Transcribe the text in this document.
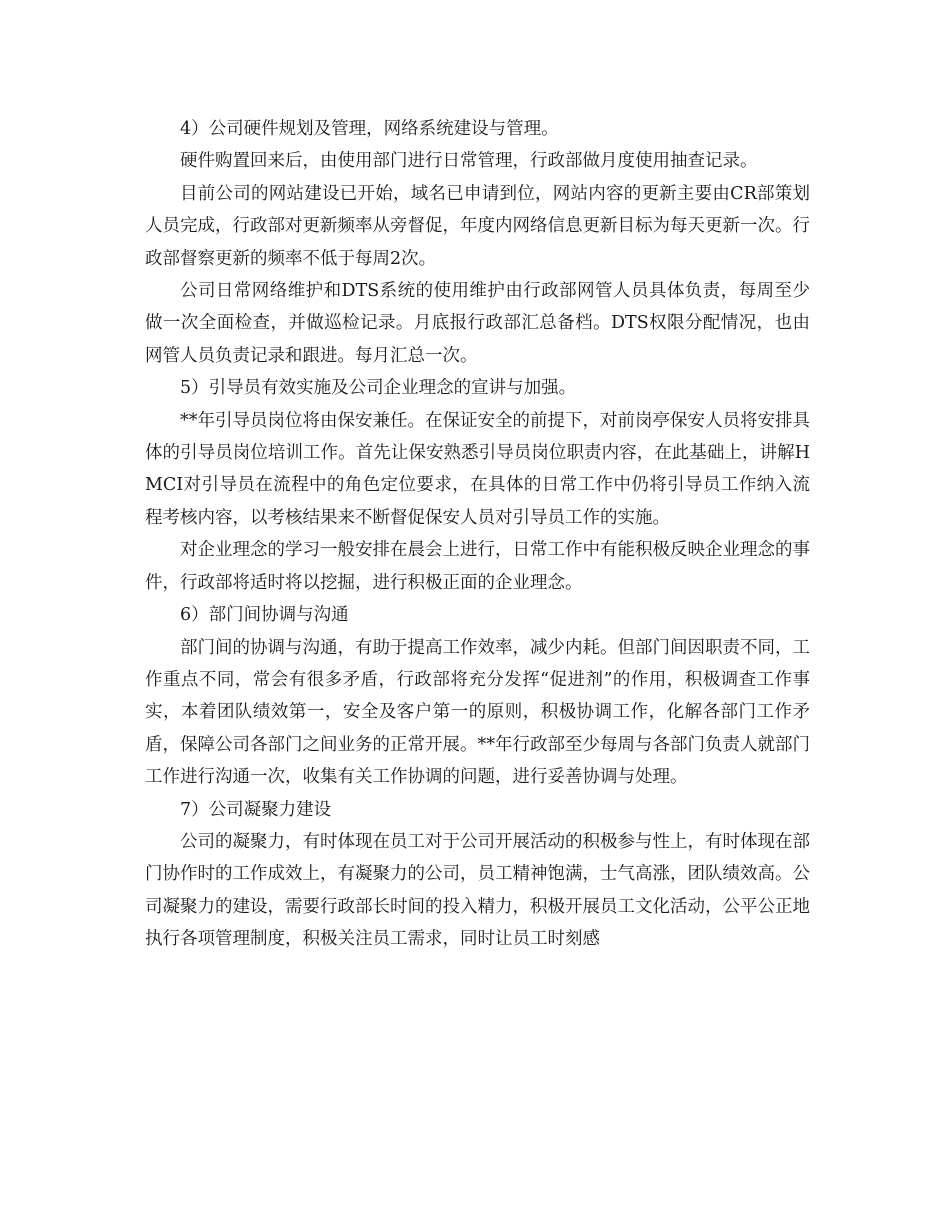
4）公司硬件规划及管理，网络系统建设与管理。

硬件购置回来后，由使用部门进行日常管理，行政部做月度使用抽查记录。

目前公司的网站建设已开始，域名已申请到位，网站内容的更新主要由CR部策划人员完成，行政部对更新频率从旁督促，年度内网络信息更新目标为每天更新一次。行政部督察更新的频率不低于每周2次。

公司日常网络维护和DTS系统的使用维护由行政部网管人员具体负责，每周至少做一次全面检查，并做巡检记录。月底报行政部汇总备档。DTS权限分配情况，也由网管人员负责记录和跟进。每月汇总一次。

5）引导员有效实施及公司企业理念的宣讲与加强。

**年引导员岗位将由保安兼任。在保证安全的前提下，对前岗亭保安人员将安排具体的引导员岗位培训工作。首先让保安熟悉引导员岗位职责内容，在此基础上，讲解HMCI对引导员在流程中的角色定位要求，在具体的日常工作中仍将引导员工作纳入流程考核内容，以考核结果来不断督促保安人员对引导员工作的实施。

对企业理念的学习一般安排在晨会上进行，日常工作中有能积极反映企业理念的事件，行政部将适时将以挖掘，进行积极正面的企业理念。

6）部门间协调与沟通

部门间的协调与沟通，有助于提高工作效率，减少内耗。但部门间因职责不同，工作重点不同，常会有很多矛盾，行政部将充分发挥“促进剂”的作用，积极调查工作事实，本着团队绩效第一，安全及客户第一的原则，积极协调工作，化解各部门工作矛盾，保障公司各部门之间业务的正常开展。**年行政部至少每周与各部门负责人就部门工作进行沟通一次，收集有关工作协调的问题，进行妥善协调与处理。

7）公司凝聚力建设

公司的凝聚力，有时体现在员工对于公司开展活动的积极参与性上，有时体现在部门协作时的工作成效上，有凝聚力的公司，员工精神饱满，士气高涨，团队绩效高。公司凝聚力的建设，需要行政部长时间的投入精力，积极开展员工文化活动，公平公正地执行各项管理制度，积极关注员工需求，同时让员工时刻感
